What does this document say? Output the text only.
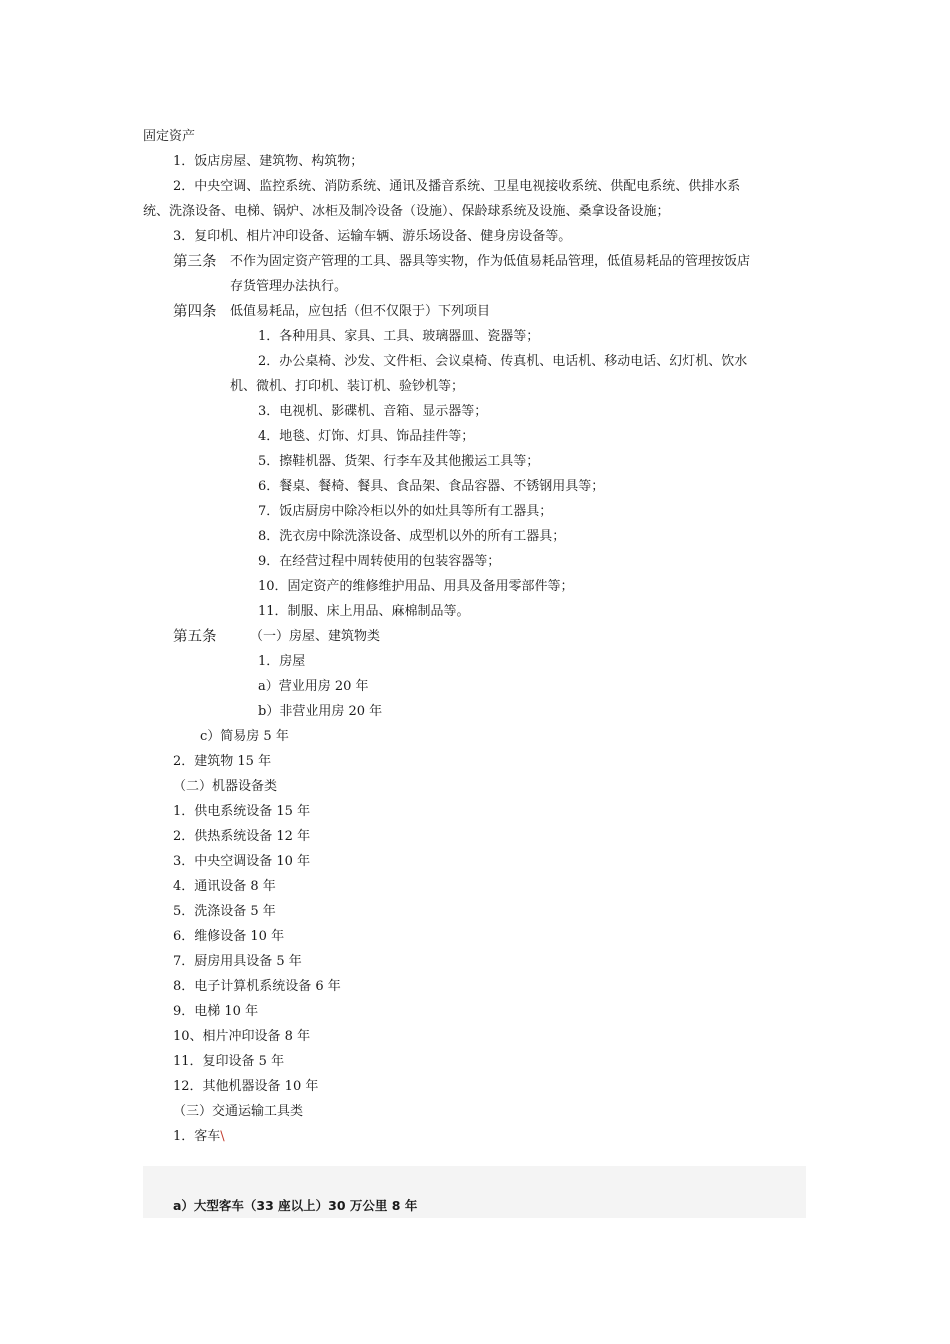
固定资产
1．饭店房屋、建筑物、构筑物；
2．中央空调、监控系统、消防系统、通讯及播音系统、卫星电视接收系统、供配电系统、供排水系
统、洗涤设备、电梯、锅炉、冰柜及制冷设备（设施）、保龄球系统及设施、桑拿设备设施；
3．复印机、相片冲印设备、运输车辆、游乐场设备、健身房设备等。
第三条 不作为固定资产管理的工具、器具等实物，作为低值易耗品管理，低值易耗品的管理按饭店
存货管理办法执行。
第四条 低值易耗品，应包括（但不仅限于）下列项目
1．各种用具、家具、工具、玻璃器皿、瓷器等；
2．办公桌椅、沙发、文件柜、会议桌椅、传真机、电话机、移动电话、幻灯机、饮水
机、微机、打印机、装订机、验钞机等；
3．电视机、影碟机、音箱、显示器等；
4．地毯、灯饰、灯具、饰品挂件等；
5．擦鞋机器、货架、行李车及其他搬运工具等；
6．餐桌、餐椅、餐具、食品架、食品容器、不锈钢用具等；
7．饭店厨房中除冷柜以外的如灶具等所有工器具；
8．洗衣房中除洗涤设备、成型机以外的所有工器具；
9．在经营过程中周转使用的包装容器等；
10．固定资产的维修维护用品、用具及备用零部件等；
11．制服、床上用品、麻棉制品等。
第五条	（一）房屋、建筑物类
1．房屋
a）营业用房 20 年
b）非营业用房 20 年
c）简易房 5 年
2．建筑物 15 年
（二）机器设备类
1．供电系统设备 15 年
2．供热系统设备 12 年
3．中央空调设备 10 年
4．通讯设备 8 年
5．洗涤设备 5 年
6．维修设备 10 年
7．厨房用具设备 5 年
8．电子计算机系统设备 6 年
9．电梯 10 年
10、相片冲印设备 8 年
11．复印设备 5 年
12．其他机器设备 10 年
（三）交通运输工具类
1．客车\
a）大型客车（33 座以上）30 万公里 8 年
